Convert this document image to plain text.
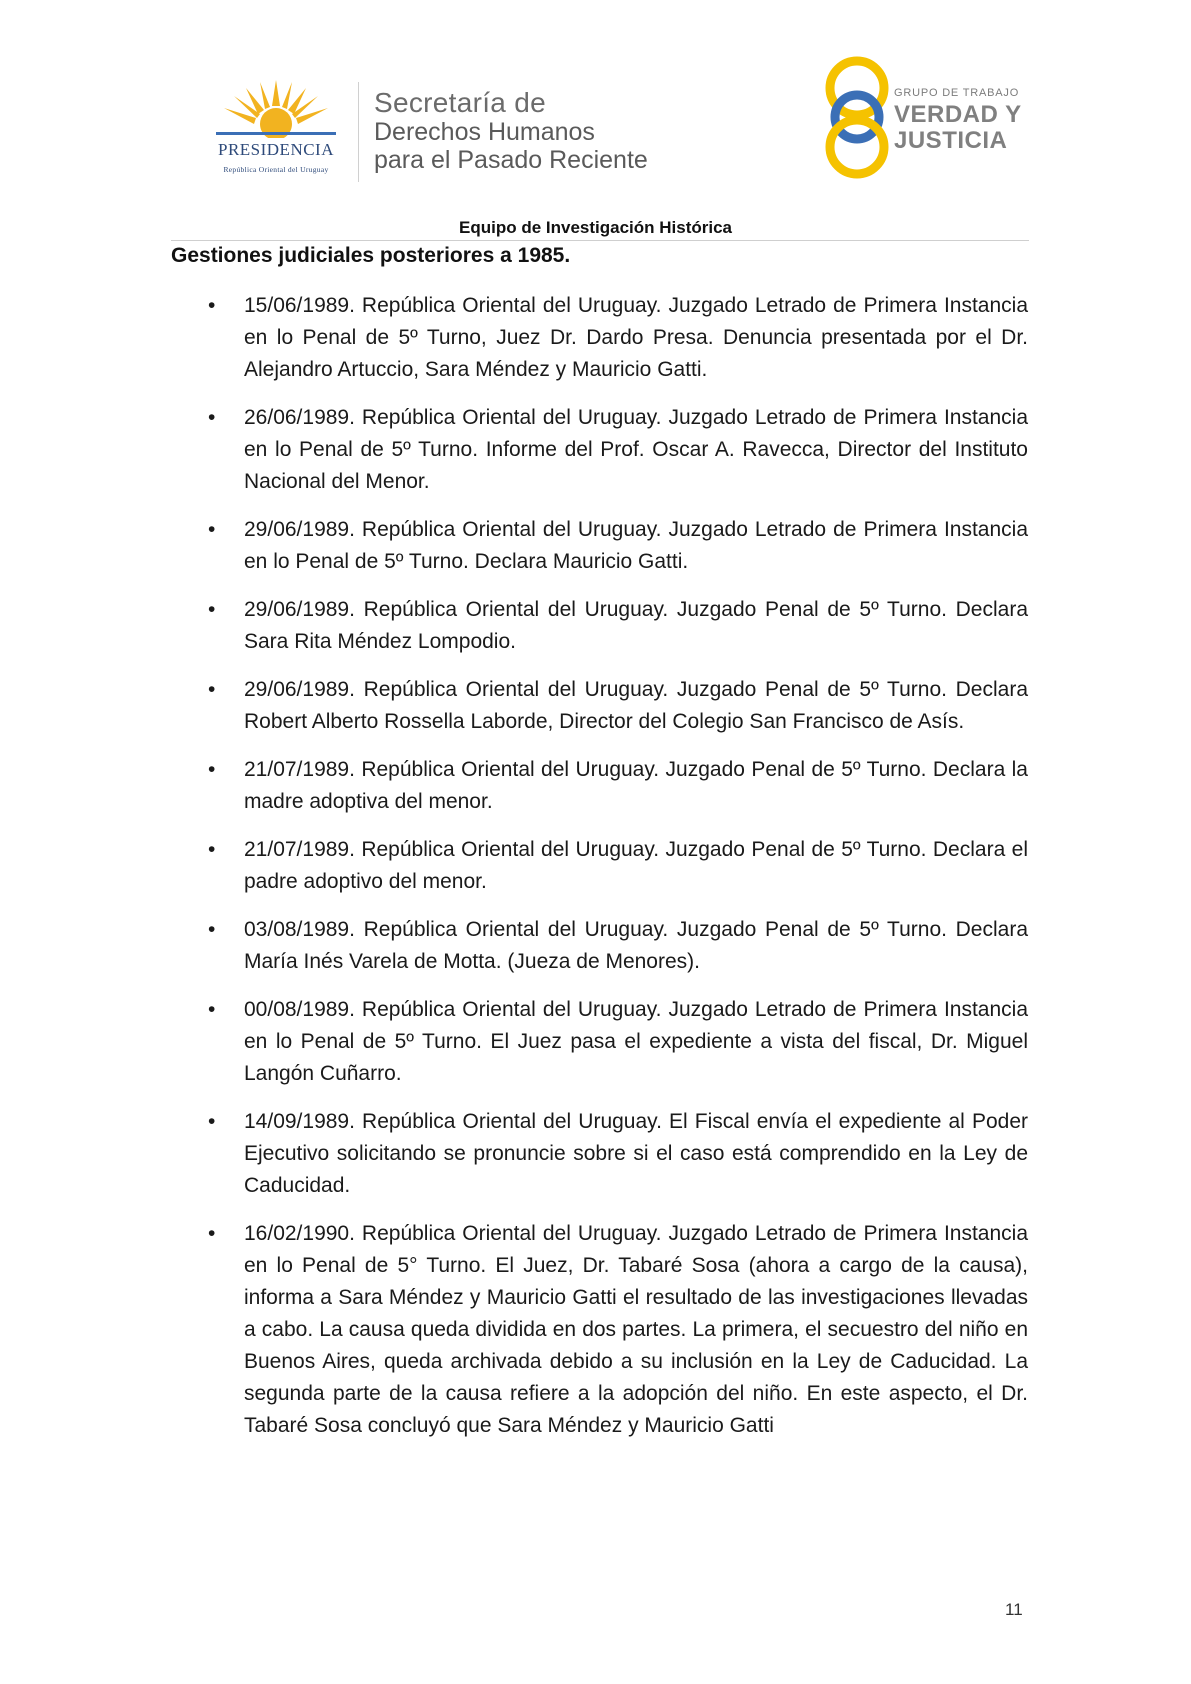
PRESIDENCIA
República Oriental del Uruguay
Secretaría de
Derechos Humanos
para el Pasado Reciente
GRUPO DE TRABAJO
VERDAD Y
JUSTICIA
Equipo de Investigación Histórica
Gestiones judiciales posteriores a 1985.
• 15/06/1989. República Oriental del Uruguay. Juzgado Letrado de Primera Instancia en lo Penal de 5º Turno, Juez Dr. Dardo Presa. Denuncia presentada por el Dr. Alejandro Artuccio, Sara Méndez y Mauricio Gatti.
• 26/06/1989. República Oriental del Uruguay. Juzgado Letrado de Primera Instancia en lo Penal de 5º Turno. Informe del Prof. Oscar A. Ravecca, Director del Instituto Nacional del Menor.
• 29/06/1989. República Oriental del Uruguay. Juzgado Letrado de Primera Instancia en lo Penal de 5º Turno. Declara Mauricio Gatti.
• 29/06/1989. República Oriental del Uruguay. Juzgado Penal de 5º Turno. Declara Sara Rita Méndez Lompodio.
• 29/06/1989. República Oriental del Uruguay. Juzgado Penal de 5º Turno. Declara Robert Alberto Rossella Laborde, Director del Colegio San Francisco de Asís.
• 21/07/1989. República Oriental del Uruguay. Juzgado Penal de 5º Turno. Declara la madre adoptiva del menor.
• 21/07/1989. República Oriental del Uruguay. Juzgado Penal de 5º Turno. Declara el padre adoptivo del menor.
• 03/08/1989. República Oriental del Uruguay. Juzgado Penal de 5º Turno. Declara María Inés Varela de Motta. (Jueza de Menores).
• 00/08/1989. República Oriental del Uruguay. Juzgado Letrado de Primera Instancia en lo Penal de 5º Turno. El Juez pasa el expediente a vista del fiscal, Dr. Miguel Langón Cuñarro.
• 14/09/1989. República Oriental del Uruguay. El Fiscal envía el expediente al Poder Ejecutivo solicitando se pronuncie sobre si el caso está comprendido en la Ley de Caducidad.
• 16/02/1990. República Oriental del Uruguay. Juzgado Letrado de Primera Instancia en lo Penal de 5° Turno. El Juez, Dr. Tabaré Sosa (ahora a cargo de la causa), informa a Sara Méndez y Mauricio Gatti el resultado de las investigaciones llevadas a cabo. La causa queda dividida en dos partes. La primera, el secuestro del niño en Buenos Aires, queda archivada debido a su inclusión en la Ley de Caducidad. La segunda parte de la causa refiere a la adopción del niño. En este aspecto, el Dr. Tabaré Sosa concluyó que Sara Méndez y Mauricio Gatti
11
